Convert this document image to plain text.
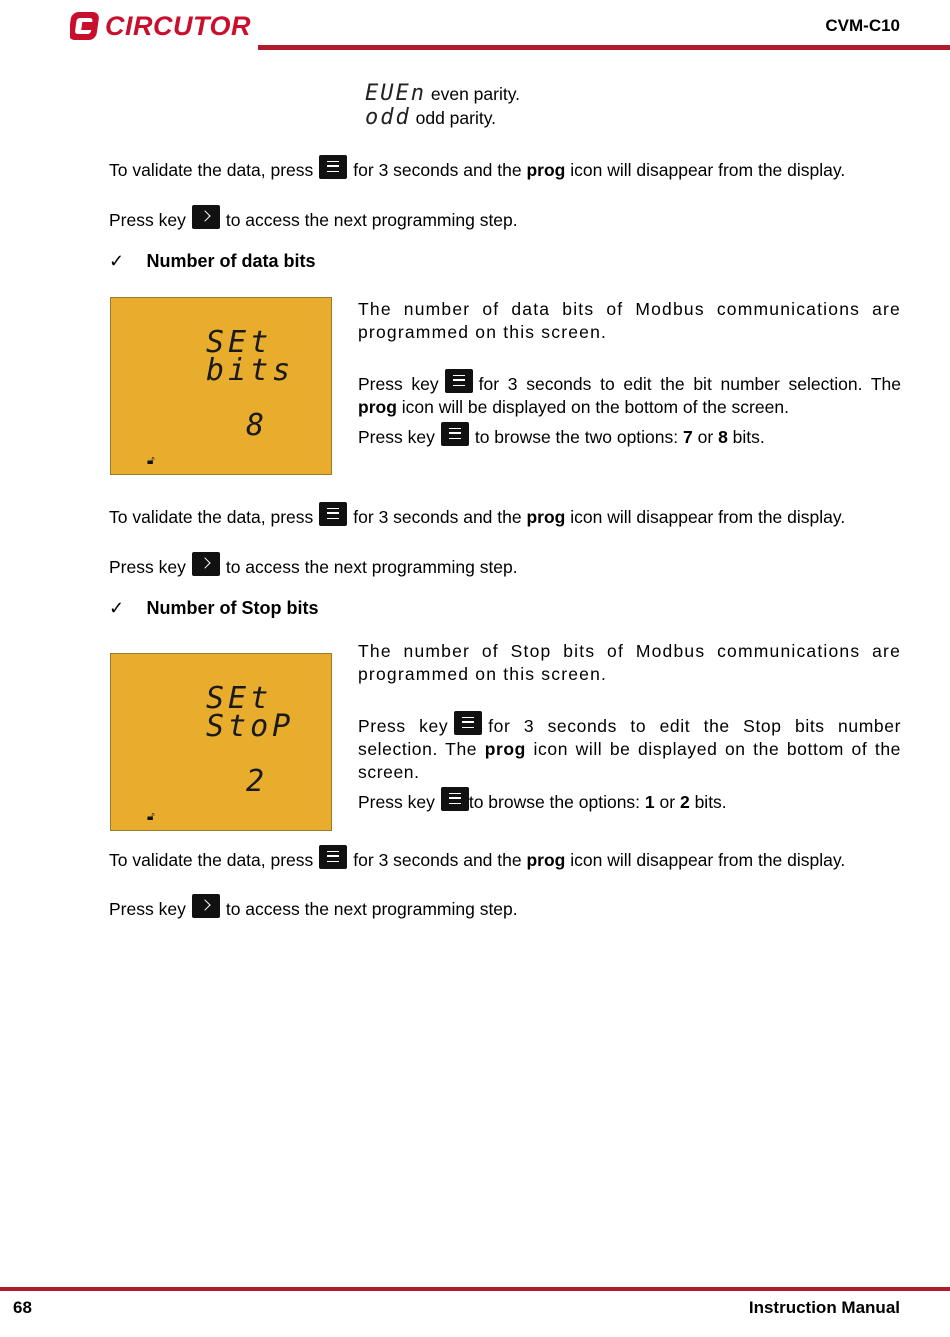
CIRCUTOR	CVM-C10
EUEn even parity.
odd odd parity.
To validate the data, press for 3 seconds and the prog icon will disappear from the display.
Press key to access the next programming step.
✓ Number of data bits
SEt
bits
8
🔓︎

The number of data bits of Modbus communications are programmed on this screen.

Press key for 3 seconds to edit the bit number selection. The prog icon will be displayed on the bottom of the screen.

Press key to browse the two options: 7 or 8 bits.

To validate the data, press for 3 seconds and the prog icon will disappear from the display.
Press key to access the next programming step.
✓ Number of Stop bits
SEt
StoP
2
🔓︎

The number of Stop bits of Modbus communications are programmed on this screen.

Press key for 3 seconds to edit the Stop bits number selection. The prog icon will be displayed on the bottom of the screen.

Press key to browse the options: 1 or 2 bits.

To validate the data, press for 3 seconds and the prog icon will disappear from the display.
Press key to access the next programming step.
68	Instruction Manual
